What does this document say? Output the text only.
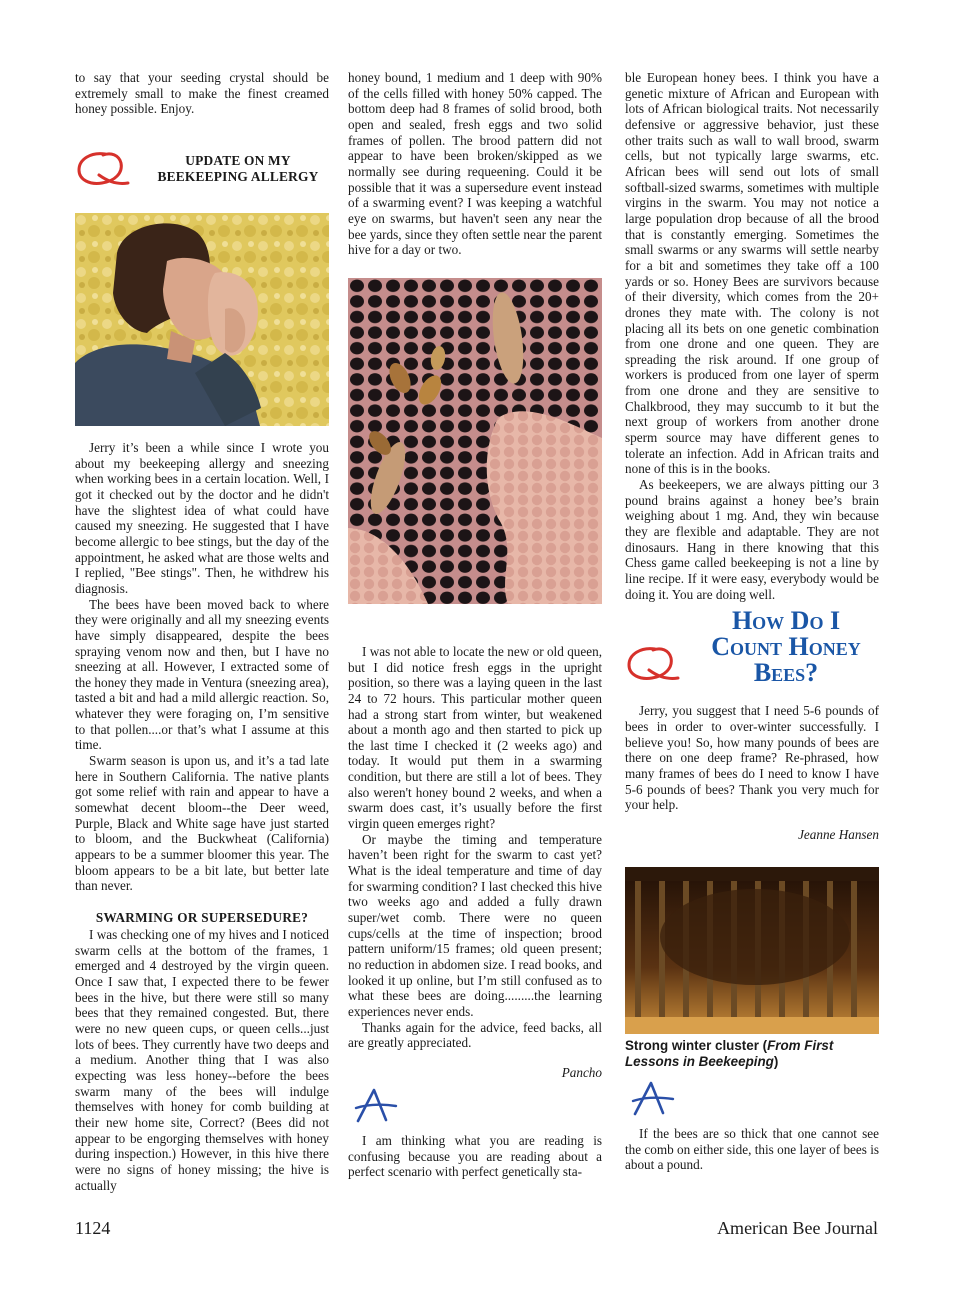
to say that your seeding crystal should be extremely small to make the finest creamed honey possible. Enjoy.

UPDATE ON MY BEEKEEPING ALLERGY

Jerry it’s been a while since I wrote you about my beekeeping allergy and sneezing when working bees in a certain location. Well, I got it checked out by the doctor and he didn't have the slightest idea of what could have caused my sneezing. He suggested that I have become allergic to bee stings, but the day of the appointment, he asked what are those welts and I replied, "Bee stings". Then, he withdrew his diagnosis.

The bees have been moved back to where they were originally and all my sneezing events have simply disappeared, despite the bees spraying venom now and then, but I have no sneezing at all. However, I extracted some of the honey they made in Ventura (sneezing area), tasted a bit and had a mild allergic reaction. So, whatever they were foraging on, I’m sensitive to that pollen....or that’s what I assume at this time.

Swarm season is upon us, and it’s a tad late here in Southern California. The native plants got some relief with rain and appear to have a somewhat decent bloom--the Deer weed, Purple, Black and White sage have just started to bloom, and the Buckwheat (California) appears to be a summer bloomer this year. The bloom appears to be a bit late, but better late than never.

SWARMING OR SUPERSEDURE?

I was checking one of my hives and I noticed swarm cells at the bottom of the frames, 1 emerged and 4 destroyed by the virgin queen. Once I saw that, I expected there to be fewer bees in the hive, but there were still so many bees that they remained congested. But, there were no new queen cups, or queen cells...just lots of bees. They currently have two deeps and a medium. Another thing that I was also expecting was less honey--before the bees swarm many of the bees will indulge themselves with honey for comb building at their new home site, Correct? (Bees did not appear to be engorging themselves with honey during inspection.) However, in this hive there were no signs of honey missing; the hive is actually

honey bound, 1 medium and 1 deep with 90% of the cells filled with honey 50% capped. The bottom deep had 8 frames of solid brood, both open and sealed, fresh eggs and two solid frames of pollen. The brood pattern did not appear to have been broken/skipped as we normally see during requeening. Could it be possible that it was a supersedure event instead of a swarming event? I was keeping a watchful eye on swarms, but haven't seen any near the bee yards, since they often settle near the parent hive for a day or two.

I was not able to locate the new or old queen, but I did notice fresh eggs in the upright position, so there was a laying queen in the last 24 to 72 hours. This particular mother queen had a strong start from winter, but weakened about a month ago and then started to pick up the last time I checked it (2 weeks ago) and today. It would put them in a swarming condition, but there are still a lot of bees. They also weren't honey bound 2 weeks, and when a swarm does cast, it’s usually before the first virgin queen emerges right?

Or maybe the timing and temperature haven’t been right for the swarm to cast yet? What is the ideal temperature and time of day for swarming condition? I last checked this hive two weeks ago and added a fully drawn super/wet comb. There were no queen cups/cells at the time of inspection; brood pattern uniform/15 frames; old queen present; no reduction in abdomen size. I read books, and looked it up online, but I’m still confused as to what these bees are doing.........the learning experiences never ends.

Thanks again for the advice, feed backs, all are greatly appreciated.

Pancho

I am thinking what you are reading is confusing because you are reading about a perfect scenario with perfect genetically sta-

ble European honey bees. I think you have a genetic mixture of African and European with lots of African biological traits. Not necessarily defensive or aggressive behavior, just these other traits such as wall to wall brood, swarm cells, but not typically large swarms, etc. African bees will send out lots of small softball-sized swarms, sometimes with multiple virgins in the swarm. You may not notice a large population drop because of all the brood that is constantly emerging. Sometimes the small swarms or any swarms will settle nearby for a bit and sometimes they take off a 100 yards or so. Honey Bees are survivors because of their diversity, which comes from the 20+ drones they mate with. The colony is not placing all its bets on one genetic combination from one drone and one queen. They are spreading the risk around. If one group of workers is produced from one layer of sperm from one drone and they are sensitive to Chalkbrood, they may succumb to it but the next group of workers from another drone sperm source may have different genes to tolerate an infection. Add in African traits and none of this is in the books.

As beekeepers, we are always pitting our 3 pound brains against a honey bee’s brain weighing about 1 mg. And, they win because they are flexible and adaptable. They are not dinosaurs. Hang in there knowing that this Chess game called beekeeping is not a line by line recipe. If it were easy, everybody would be doing it. You are doing well.

How Do I
Count Honey
Bees?

Jerry, you suggest that I need 5-6 pounds of bees in order to over-winter successfully. I believe you! So, how many pounds of bees are there on one deep frame? Re-phrased, how many frames of bees do I need to know I have 5-6 pounds of bees? Thank you very much for your help.

Jeanne Hansen
Strong winter cluster (From First Lessons in Beekeeping)

If the bees are so thick that one cannot see the comb on either side, this one layer of bees is about a pound.

1124	American Bee Journal
